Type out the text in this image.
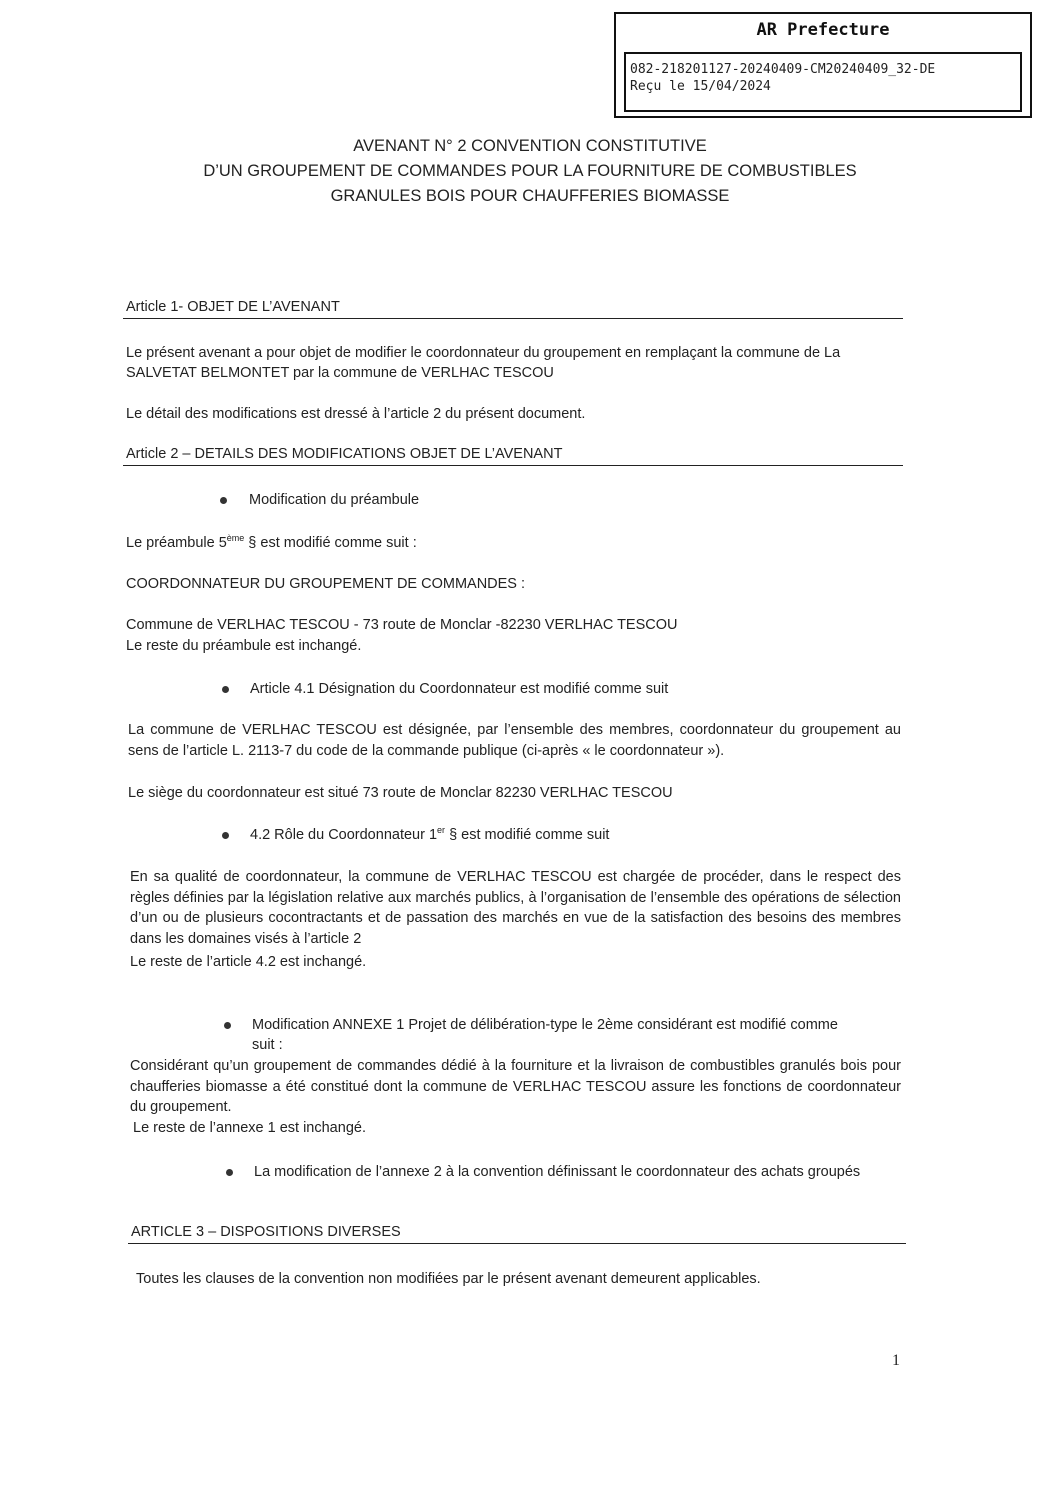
AR Prefecture
082-218201127-20240409-CM20240409_32-DE
Reçu le 15/04/2024
AVENANT N° 2 CONVENTION CONSTITUTIVE
D’UN GROUPEMENT DE COMMANDES POUR LA FOURNITURE DE COMBUSTIBLES
GRANULES BOIS POUR CHAUFFERIES BIOMASSE
Article 1- OBJET DE L’AVENANT
Le présent avenant a pour objet de modifier le coordonnateur du groupement en remplaçant la commune de La
SALVETAT BELMONTET par la commune de VERLHAC TESCOU
Le détail des modifications est dressé à l’article 2 du présent document.
Article 2 – DETAILS DES MODIFICATIONS OBJET DE L’AVENANT
Modification du préambule
Le préambule 5ème § est modifié comme suit :
COORDONNATEUR DU GROUPEMENT DE COMMANDES :
Commune de VERLHAC TESCOU - 73 route de Monclar -82230 VERLHAC TESCOU
Le reste du préambule est inchangé.
Article 4.1 Désignation du Coordonnateur est modifié comme suit
La commune de VERLHAC TESCOU est désignée, par l’ensemble des membres, coordonnateur du groupement au sens de l’article L. 2113-7 du code de la commande publique (ci-après « le coordonnateur »).
Le siège du coordonnateur est situé 73 route de Monclar 82230 VERLHAC TESCOU
4.2 Rôle du Coordonnateur 1er § est modifié comme suit
En sa qualité de coordonnateur, la commune de VERLHAC TESCOU est chargée de procéder, dans le respect des règles définies par la législation relative aux marchés publics, à l’organisation de l’ensemble des opérations de sélection d’un ou de plusieurs cocontractants et de passation des marchés en vue de la satisfaction des besoins des membres dans les domaines visés à l’article 2
Le reste de l’article 4.2 est inchangé.
Modification ANNEXE 1 Projet de délibération-type le 2ème considérant est modifié comme
suit :
Considérant qu’un groupement de commandes dédié à la fourniture et la livraison de combustibles granulés bois pour chaufferies biomasse a été constitué dont la commune de VERLHAC TESCOU assure les fonctions de coordonnateur du groupement.
Le reste de l’annexe 1 est inchangé.
La modification de l’annexe 2 à la convention définissant le coordonnateur des achats groupés
ARTICLE 3 – DISPOSITIONS DIVERSES
Toutes les clauses de la convention non modifiées par le présent avenant demeurent applicables.
1
